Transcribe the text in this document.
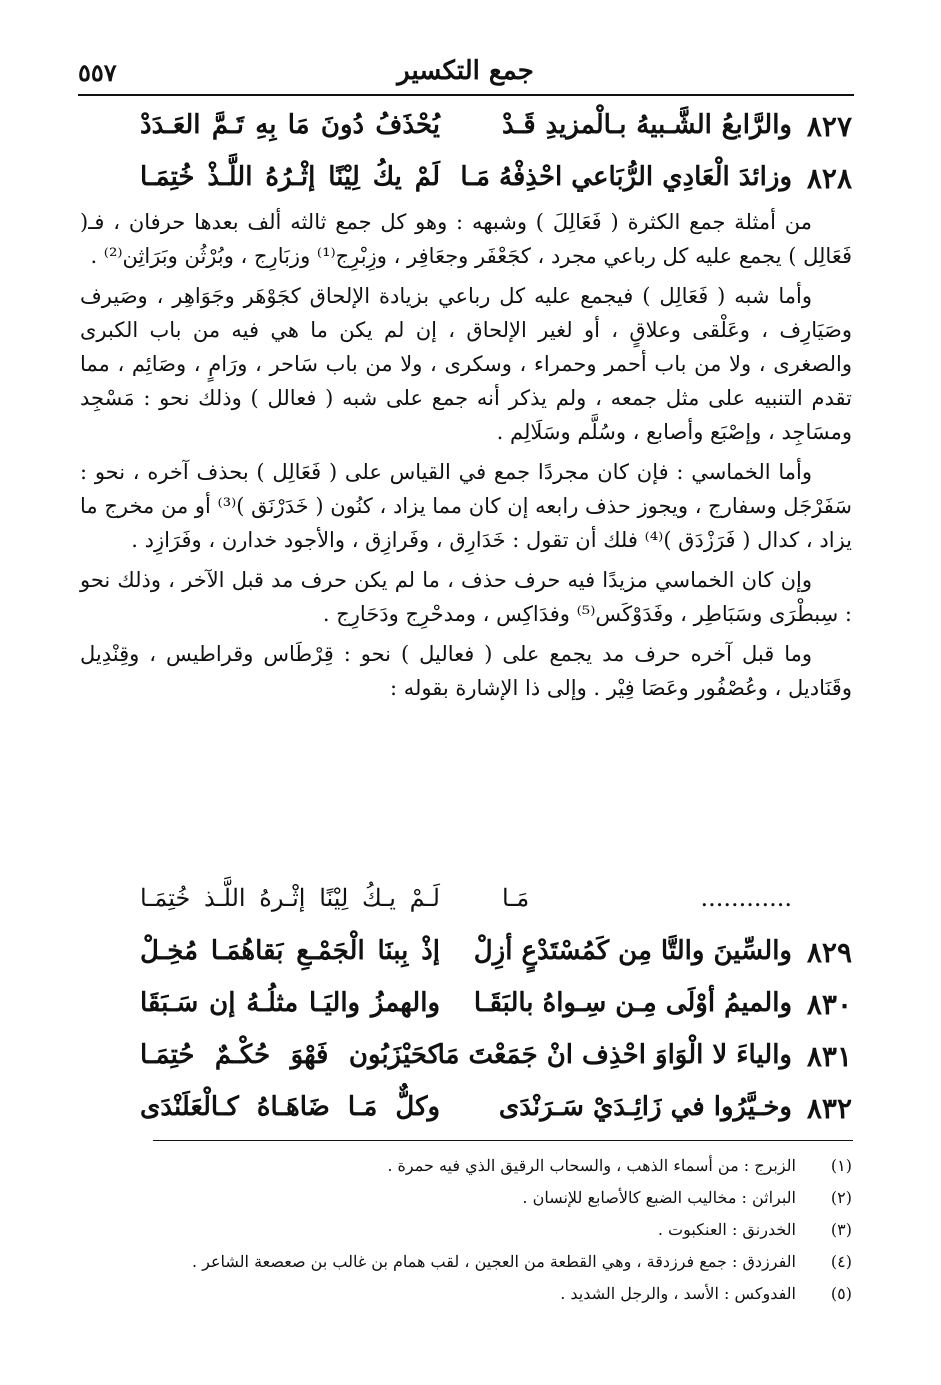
٥٥٧	جمع التكسير
٨٢٧
والرَّابعُ الشَّـبيهُ بـالْمزيدِ قَـدْ
يُحْذَفُ دُونَ مَا بِهِ تَـمَّ العَـدَدْ
٨٢٨
وزائدَ الْعَادِي الرُّبَاعي احْذِفْهُ مَـا
لَمْ يكُ لِيْنًا إثْـرُهُ اللَّـذْ خُتِمَـا

من أمثلة جمع الكثرة ( فَعَالِلَ ) وشبهه : وهو كل جمع ثالثه ألف بعدها حرفان ، فـ( فَعَالِل ) يجمع عليه كل رباعي مجرد ، كجَعْفَر وجعَافِر ، وزِبْرِج⁽¹⁾ وزبَارِج ، وبُرْثُن وبَرَاثِن⁽²⁾ .

وأما شبه ( فَعَالِل ) فيجمع عليه كل رباعي بزيادة الإلحاق كجَوْهَر وجَوَاهِر ، وصَيرف وصَيَارِف ، وعَلْقى وعلاقٍ ، أو لغير الإلحاق ، إن لم يكن ما هي فيه من باب الكبرى والصغرى ، ولا من باب أحمر وحمراء ، وسكرى ، ولا من باب سَاحر ، ورَامٍ ، وصَائِم ، مما تقدم التنبيه على مثل جمعه ، ولم يذكر أنه جمع على شبه ( فعالل ) وذلك نحو : مَسْجِد ومسَاجِد ، وإصْبَع وأصابع ، وسُلَّم وسَلَالِم .

وأما الخماسي : فإن كان مجردًا جمع في القياس على ( فَعَالِل ) بحذف آخره ، نحو : سَفَرْجَل وسفارج ، ويجوز حذف رابعه إن كان مما يزاد ، كنُون ( خَدَرْنَق )⁽³⁾ أو من مخرج ما يزاد ، كدال ( فَرَزْدَق )⁽⁴⁾ فلك أن تقول : خَدَارِق ، وفَرازِق ، والأجود خدارن ، وفَرَازِد .

وإن كان الخماسي مزيدًا فيه حرف حذف ، ما لم يكن حرف مد قبل الآخر ، وذلك نحو : سِبطْرَى وسَبَاطِر ، وفَدَوْكَس⁽⁵⁾ وفدَاكِس ، ومدحْرِج ودَحَارِج .

وما قبل آخره حرف مد يجمع على ( فعاليل ) نحو : قِرْطَاس وقراطيس ، وقِنْدِيل وقَنَاديل ، وعُصْفُور وعَصَا فِيْر . وإلى ذا الإشارة بقوله :

............ مَـا
لَـمْ يـكُ لِيْنًا إثْـرهُ اللَّـذ خُتِمَـا
٨٢٩
والسِّينَ والتَّا مِن كَمُسْتَدْعٍ أزِلْ
إذْ بِبنَا الْجَمْـعِ بَقاهُمَـا مُخِـلْ
٨٣٠
والميمُ أوْلَى مِـن سِـواهُ بالبَقَـا
والهمزُ واليَـا مثلُـهُ إن سَـبَقَا
٨٣١
والياءَ لا الْوَاوَ احْذِف انْ جَمَعْتَ مَا
كحَيْزَبُون فَهْوَ حُكْـمٌ حُتِمَـا
٨٣٢
وخـيَّرُوا في زَائِـدَيْ سَـرَنْدَى
وكلٌّ مَـا ضَاهَـاهُ كـالْعَلَنْدَى
(١)
الزبرج : من أسماء الذهب ، والسحاب الرقيق الذي فيه حمرة .
(٢)
البراثن : مخاليب الضبع كالأصابع للإنسان .
(٣)
الخدرنق : العنكبوت .
(٤)
الفرزدق : جمع فرزدقة ، وهي القطعة من العجين ، لقب همام بن غالب بن صعصعة الشاعر .
(٥)
الفدوكس : الأسد ، والرجل الشديد .
